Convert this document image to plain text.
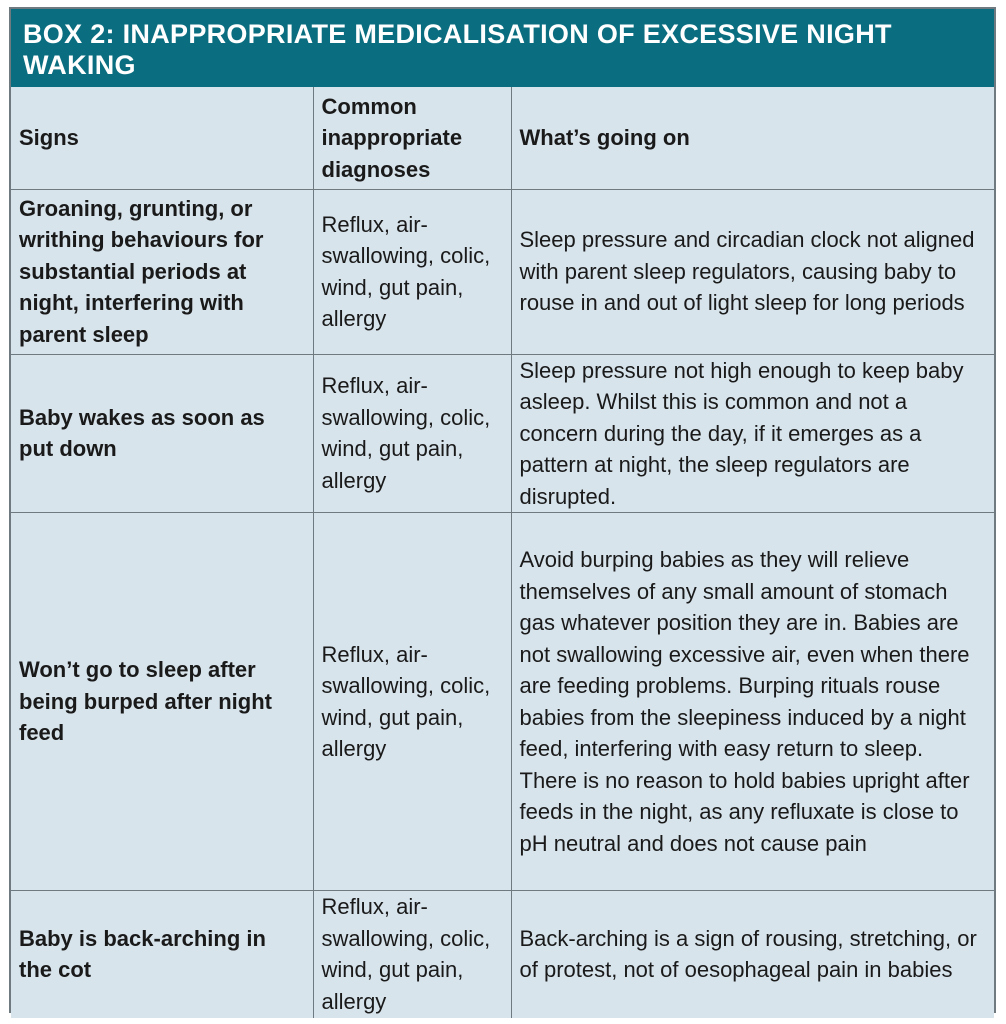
BOX 2: INAPPROPRIATE MEDICALISATION OF EXCESSIVE NIGHT WAKING
Signs	Common inappropriate diagnoses	What’s going on
Groaning, grunting, or writhing behaviours for substantial periods at night, interfering with parent sleep	Reflux, air-swallowing, colic, wind, gut pain, allergy	Sleep pressure and circadian clock not aligned with parent sleep regulators, causing baby to rouse in and out of light sleep for long periods
Baby wakes as soon as put down	Reflux, air-swallowing, colic, wind, gut pain, allergy	Sleep pressure not high enough to keep baby asleep. Whilst this is common and not a concern during the day, if it emerges as a pattern at night, the sleep regulators are disrupted.
Won’t go to sleep after being burped after night feed	Reflux, air-swallowing, colic, wind, gut pain, allergy	Avoid burping babies as they will relieve themselves of any small amount of stomach gas whatever position they are in. Babies are not swallowing excessive air, even when there are feeding problems. Burping rituals rouse babies from the sleepiness induced by a night feed, interfering with easy return to sleep. There is no reason to hold babies upright after feeds in the night, as any refluxate is close to pH neutral and does not cause pain
Baby is back-arching in the cot	Reflux, air-swallowing, colic, wind, gut pain, allergy	Back-arching is a sign of rousing, stretching, or of protest, not of oesophageal pain in babies
